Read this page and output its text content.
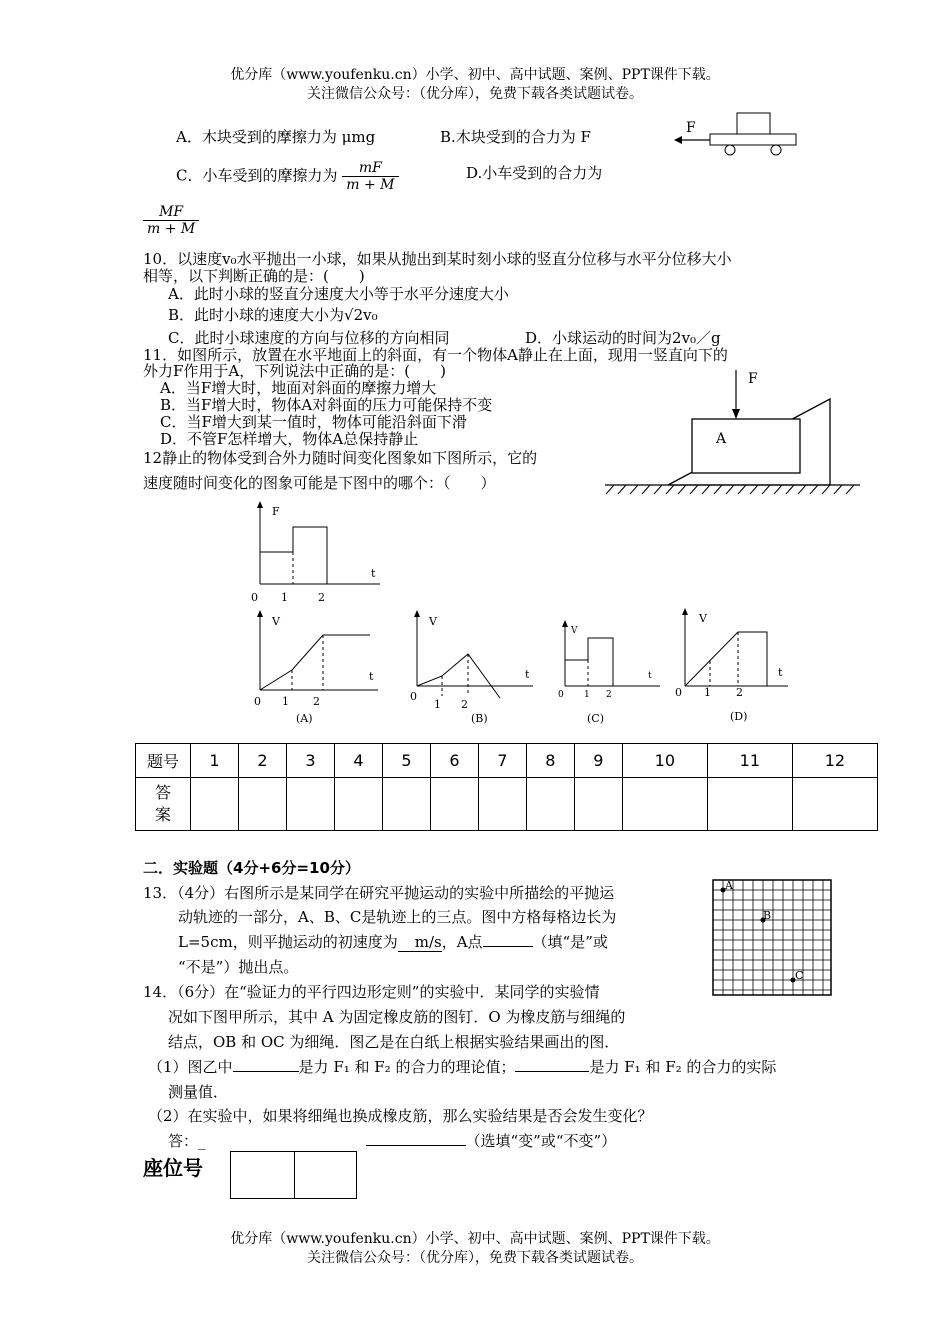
优分库（www.youfenku.cn）小学、初中、高中试题、案例、PPT课件下载。
关注微信公众号：（优分库），免费下载各类试题试卷。
A．木块受到的摩擦力为 μmg	B.木块受到的合力为 F
C．小车受到的摩擦力为 $\frac{mF}{m + M}$	D.小车受到的合力为
$\frac{MF}{m + M}$
F
10．以速度v₀水平抛出一小球，如果从抛出到某时刻小球的竖直分位移与水平分位移大小
相等，以下判断正确的是：(　　)
A．此时小球的竖直分速度大小等于水平分速度大小
B．此时小球的速度大小为√2v₀
C．此时小球速度的方向与位移的方向相同	D．小球运动的时间为2v₀／g
11．如图所示，放置在水平地面上的斜面，有一个物体A静止在上面，现用一竖直向下的
外力F作用于A，下列说法中正确的是：(　　)
A．当F增大时，地面对斜面的摩擦力增大
B．当F增大时，物体A对斜面的压力可能保持不变
C．当F增大到某一值时，物体可能沿斜面下滑
D．不管F怎样增大，物体A总保持静止
F
A
12静止的物体受到合外力随时间变化图象如下图所示，它的
速度随时间变化的图象可能是下图中的哪个：（　　）
F
t
0 1	2
V
t
0 1 2
(A)
V
t
0
1 2
(B)
V
t
0 1 2
(C)
V
t
0 1 2
(D)
题号	1	2	3	4	5	6	7	8	9	10	11	12
答案												
二．实验题（4分+6分=10分）
13．（4分）右图所示是某同学在研究平抛运动的实验中所描绘的平抛运
动轨迹的一部分，A、B、C是轨迹上的三点。图中方格每格边长为
L=5cm，则平抛运动的初速度为 m/s，A点	（填“是”或
“不是”）抛出点。
A
B
C
14．（6分）在“验证力的平行四边形定则”的实验中．某同学的实验情
况如下图甲所示，其中 A 为固定橡皮筋的图钉．O 为橡皮筋与细绳的
结点，OB 和 OC 为细绳．图乙是在白纸上根据实验结果画出的图．
（1）图乙中	是力 F₁ 和 F₂ 的合力的理论值；	是力 F₁ 和 F₂ 的合力的实际
测量值．
（2）在实验中，如果将细绳也换成橡皮筋，那么实验结果是否会发生变化？
答：_	（选填“变”或“不变”）
座位号
优分库（www.youfenku.cn）小学、初中、高中试题、案例、PPT课件下载。
关注微信公众号：（优分库），免费下载各类试题试卷。
